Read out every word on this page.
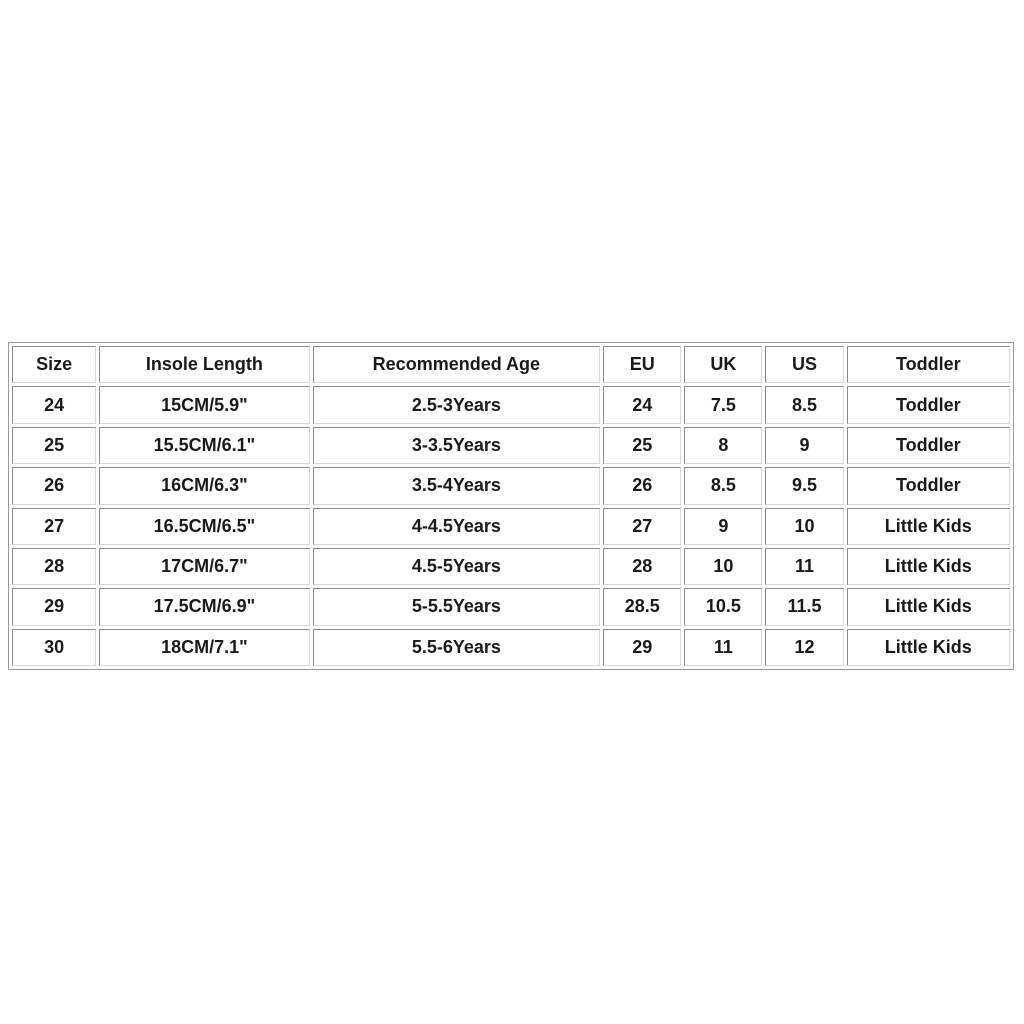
Size	Insole Length	Recommended Age	EU	UK	US	Toddler
24	15CM/5.9"	2.5-3Years	24	7.5	8.5	Toddler
25	15.5CM/6.1"	3-3.5Years	25	8	9	Toddler
26	16CM/6.3"	3.5-4Years	26	8.5	9.5	Toddler
27	16.5CM/6.5"	4-4.5Years	27	9	10	Little Kids
28	17CM/6.7"	4.5-5Years	28	10	11	Little Kids
29	17.5CM/6.9"	5-5.5Years	28.5	10.5	11.5	Little Kids
30	18CM/7.1"	5.5-6Years	29	11	12	Little Kids
